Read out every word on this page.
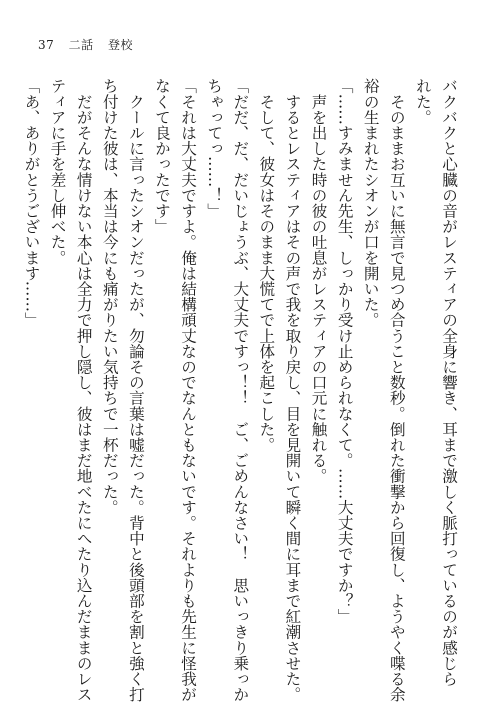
37 二話 登校
バクバクと心臓の音がレスティアの全身に響き、耳まで激しく脈打っているのが感じら
れた。
　そのままお互いに無言で見つめ合うこと数秒。倒れた衝撃から回復し、ようやく喋る余
裕の生まれたシオンが口を開いた。
「……すみません先生、しっかり受け止められなくて。……大丈夫ですか？」
　声を出した時の彼の吐息がレスティアの口元に触れる。
　するとレスティアはその声で我を取り戻し、目を見開いて瞬く間に耳まで紅潮させた。
　そして、彼女はそのまま大慌てで上体を起こした。
「だだ、だ、だいじょうぶ、大丈夫ですっ！！　ご、ごめんなさい！　思いっきり乗っか
ちゃってっ……！」
「それは大丈夫ですよ。俺は結構頑丈なのでなんともないです。それよりも先生に怪我が
なくて良かったです」
　クールに言ったシオンだったが、勿論その言葉は嘘だった。背中と後頭部を割と強く打
ち付けた彼は、本当は今にも痛がりたい気持ちで一杯だった。
　だがそんな情けない本心は全力で押し隠し、彼はまだ地べたにへたり込んだままのレス
ティアに手を差し伸べた。
「あ、ありがとうございます……」
